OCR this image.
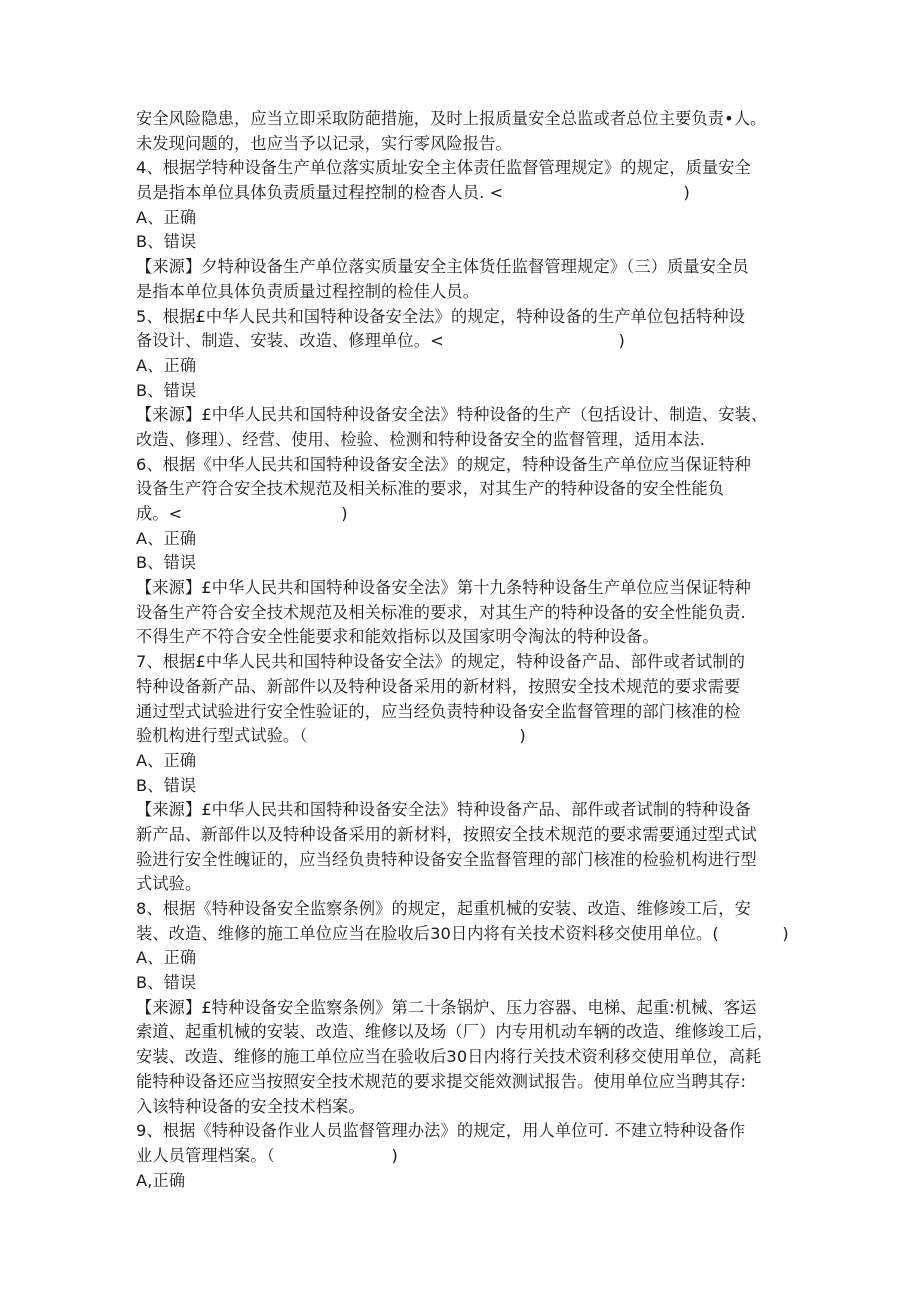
安全风险隐患，应当立即采取防葩措施，及时上报质量安全总监或者总位主要负责•人。
未发现问题的，也应当予以记录，实行零风险报告。
4、根据学特种设备生产单位落实质址安全主体责任监督管理规定》的规定，质量安全
员是指本单位具体负责质量过程控制的检杳人员. <                                  )
A、正确
B、错误
【来源】夕特种设备生产单位落实质量安全主体货任监督管理规定》（三）质量安全员
是指本单位具体负责质量过程控制的检佳人员。
5、根据£中华人民共和国特种设备安全法》的规定，特种设备的生产单位包括特种设
备设计、制造、安装、改造、修理单位。<                                 )
A、正确
B、错误
【来源】£中华人民共和国特种设备安全法》特种设备的生产（包括设计、制造、安装、
改造、修理）、经营、使用、检验、检测和特种设备安全的监督管理，适用本法.
6、根据《中华人民共和国特种设备安全法》的规定，特种设备生产单位应当保证特种
设备生产符合安全技术规范及相关标准的要求，对其生产的特种设备的安全性能负
成。<                              )
A、正确
B、错误
【来源】£中华人民共和国特种设备安全法》第十九条特种设备生产单位应当保证特种
设备生产符合安全技术规范及相关标准的要求，对其生产的特种设备的安全性能负责.
不得生产不符合安全性能要求和能效指标以及国家明令淘汰的特种设备。
7、根据£中华人民共和国特种设备安全法》的规定，特种设备产品、部件或者试制的
特种设备新产品、新部件以及特种设备采用的新材料，按照安全技术规范的要求需要
通过型式试验进行安全性验证的，应当经负责特种设备安全监督管理的部门核准的检
验机构进行型式试验。（                                        )
A、正确
B、错误
【来源】£中华人民共和国特种设备安全法》特种设备产品、部件或者试制的特种设备
新产品、新部件以及特种设备采用的新材料，按照安全技术规范的要求需要通过型式试
验进行安全性魄证的，应当经负贵特种设备安全监督管理的部门核准的检验机构进行型
式试验。
8、根据《特种设备安全监察条例》的规定，起重机械的安装、改造、维修竣工后，安
装、改造、维修的施工单位应当在脸收后30日内将有关技术资料移交使用单位。(            )
A、正确
B、错误
【来源】£特种设备安全监察条例》第二十条锅炉、压力容器、电梯、起重:机械、客运
索道、起重机械的安装、改造、维修以及场（厂）内专用机动车辆的改造、维修竣工后，
安装、改造、维修的施工单位应当在验收后30日内将行关技术资利移交使用单位，高耗
能特种设备还应当按照安全技术规范的要求提交能效测试报告。使用单位应当聘其存:
入该特种设备的安全技术档案。
9、根据《特种设备作业人员监督管理办法》的规定，用人单位可. 不建立特种设备作
业人员管理档案。（                      )
A,正确
